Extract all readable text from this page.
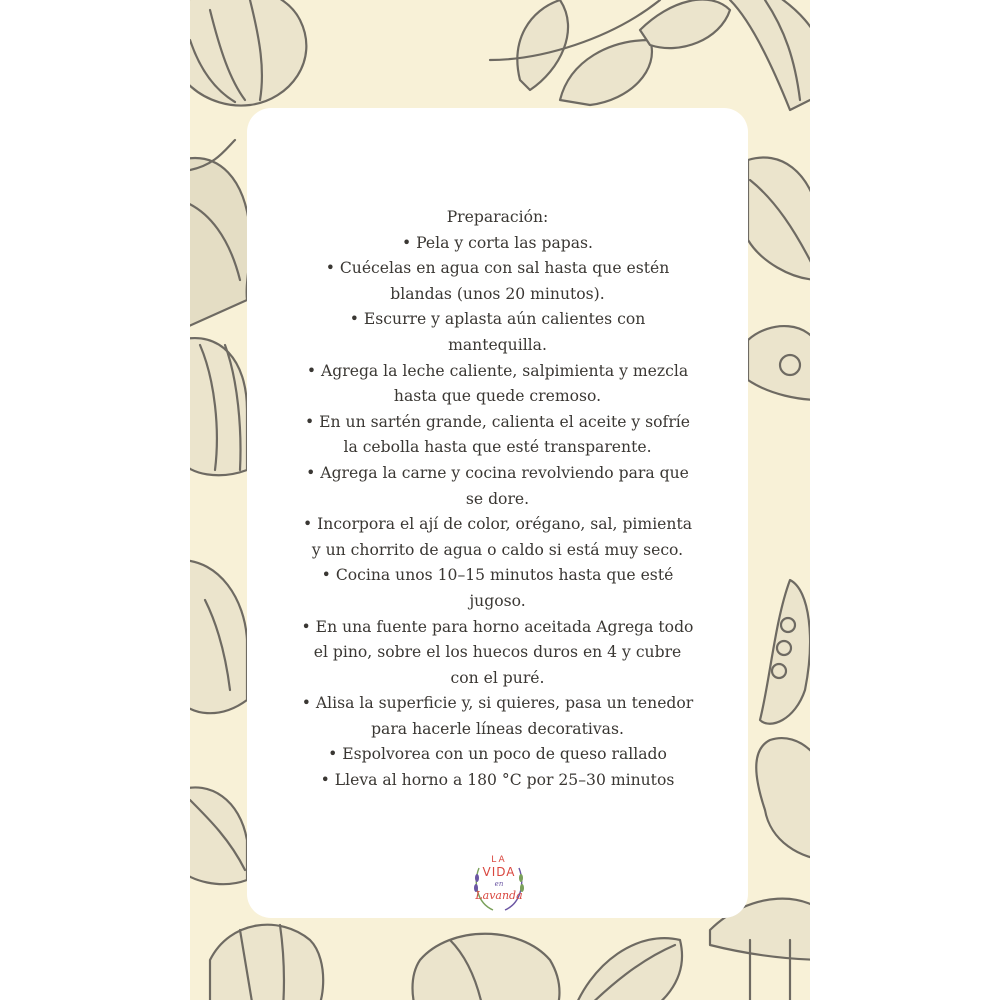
Preparación:
• Pela y corta las papas.
• Cuécelas en agua con sal hasta que estén
blandas (unos 20 minutos).
• Escurre y aplasta aún calientes con
mantequilla.
• Agrega la leche caliente, salpimienta y mezcla
hasta que quede cremoso.
• En un sartén grande, calienta el aceite y sofríe
la cebolla hasta que esté transparente.
• Agrega la carne y cocina revolviendo para que
se dore.
• Incorpora el ají de color, orégano, sal, pimienta
y un chorrito de agua o caldo si está muy seco.
• Cocina unos 10–15 minutos hasta que esté
jugoso.
• En una fuente para horno aceitada Agrega todo
el pino, sobre el los huecos duros en 4 y cubre
con el puré.
• Alisa la superficie y, si quieres, pasa un tenedor
para hacerle líneas decorativas.
• Espolvorea con un poco de queso rallado
• Lleva al horno a 180 °C por 25–30 minutos
LA
VIDA
en
Lavanda
